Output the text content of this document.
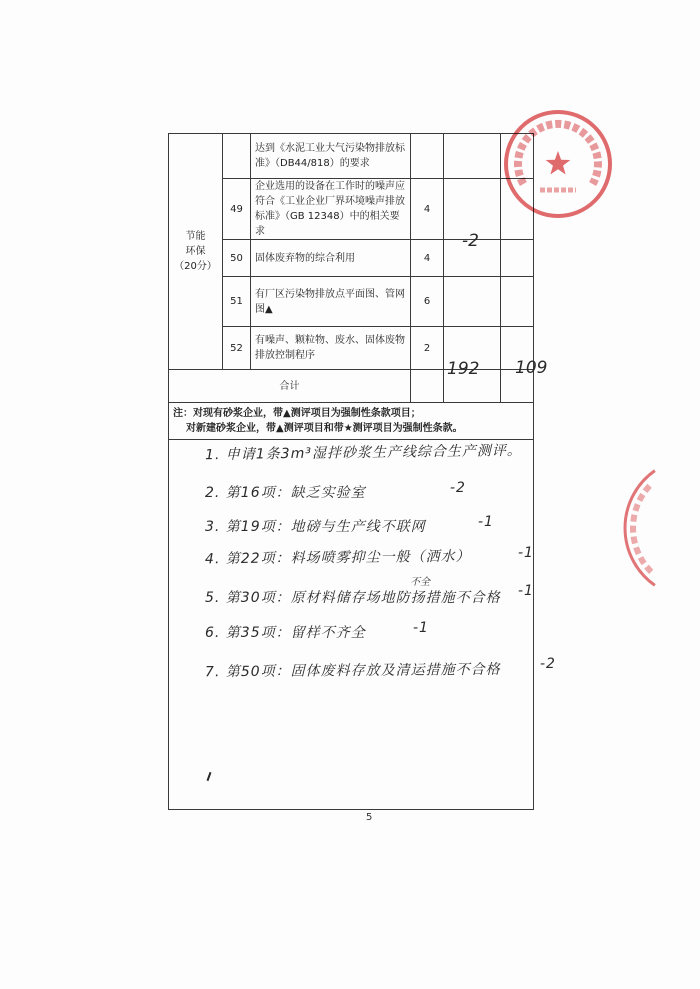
节能环保
（20分）		达到《水泥工业大气污染物排放标准》（DB44/818）的要求			
	49	企业选用的设备在工作时的噪声应符合《工业企业厂界环境噪声排放标准》（GB 12348）中的相关要求	4		
	50	固体废弃物的综合利用	4		
	51	有厂区污染物排放点平面图、管网图▲	6		
	52	有噪声、颗粒物、废水、固体废物排放控制程序	2		
合计					

注：对现有砂浆企业，带▲测评项目为强制性条款项目；
对新建砂浆企业，带▲测评项目和带★测评项目为强制性条款。					

-2
192 109
1. 申请1条3m³湿拌砂浆生产线综合生产测评。
2. 第16项：缺乏实验室	-2
3. 第19项：地磅与生产线不联网	-1
4. 第22项：料场喷雾抑尘一般（洒水）	-1
不全
5. 第30项：原材料储存场地防扬措施不合格 -1
6. 第35项：留样不齐全	-1
7. 第50项：固体废料存放及清运措施不合格	-2
5
